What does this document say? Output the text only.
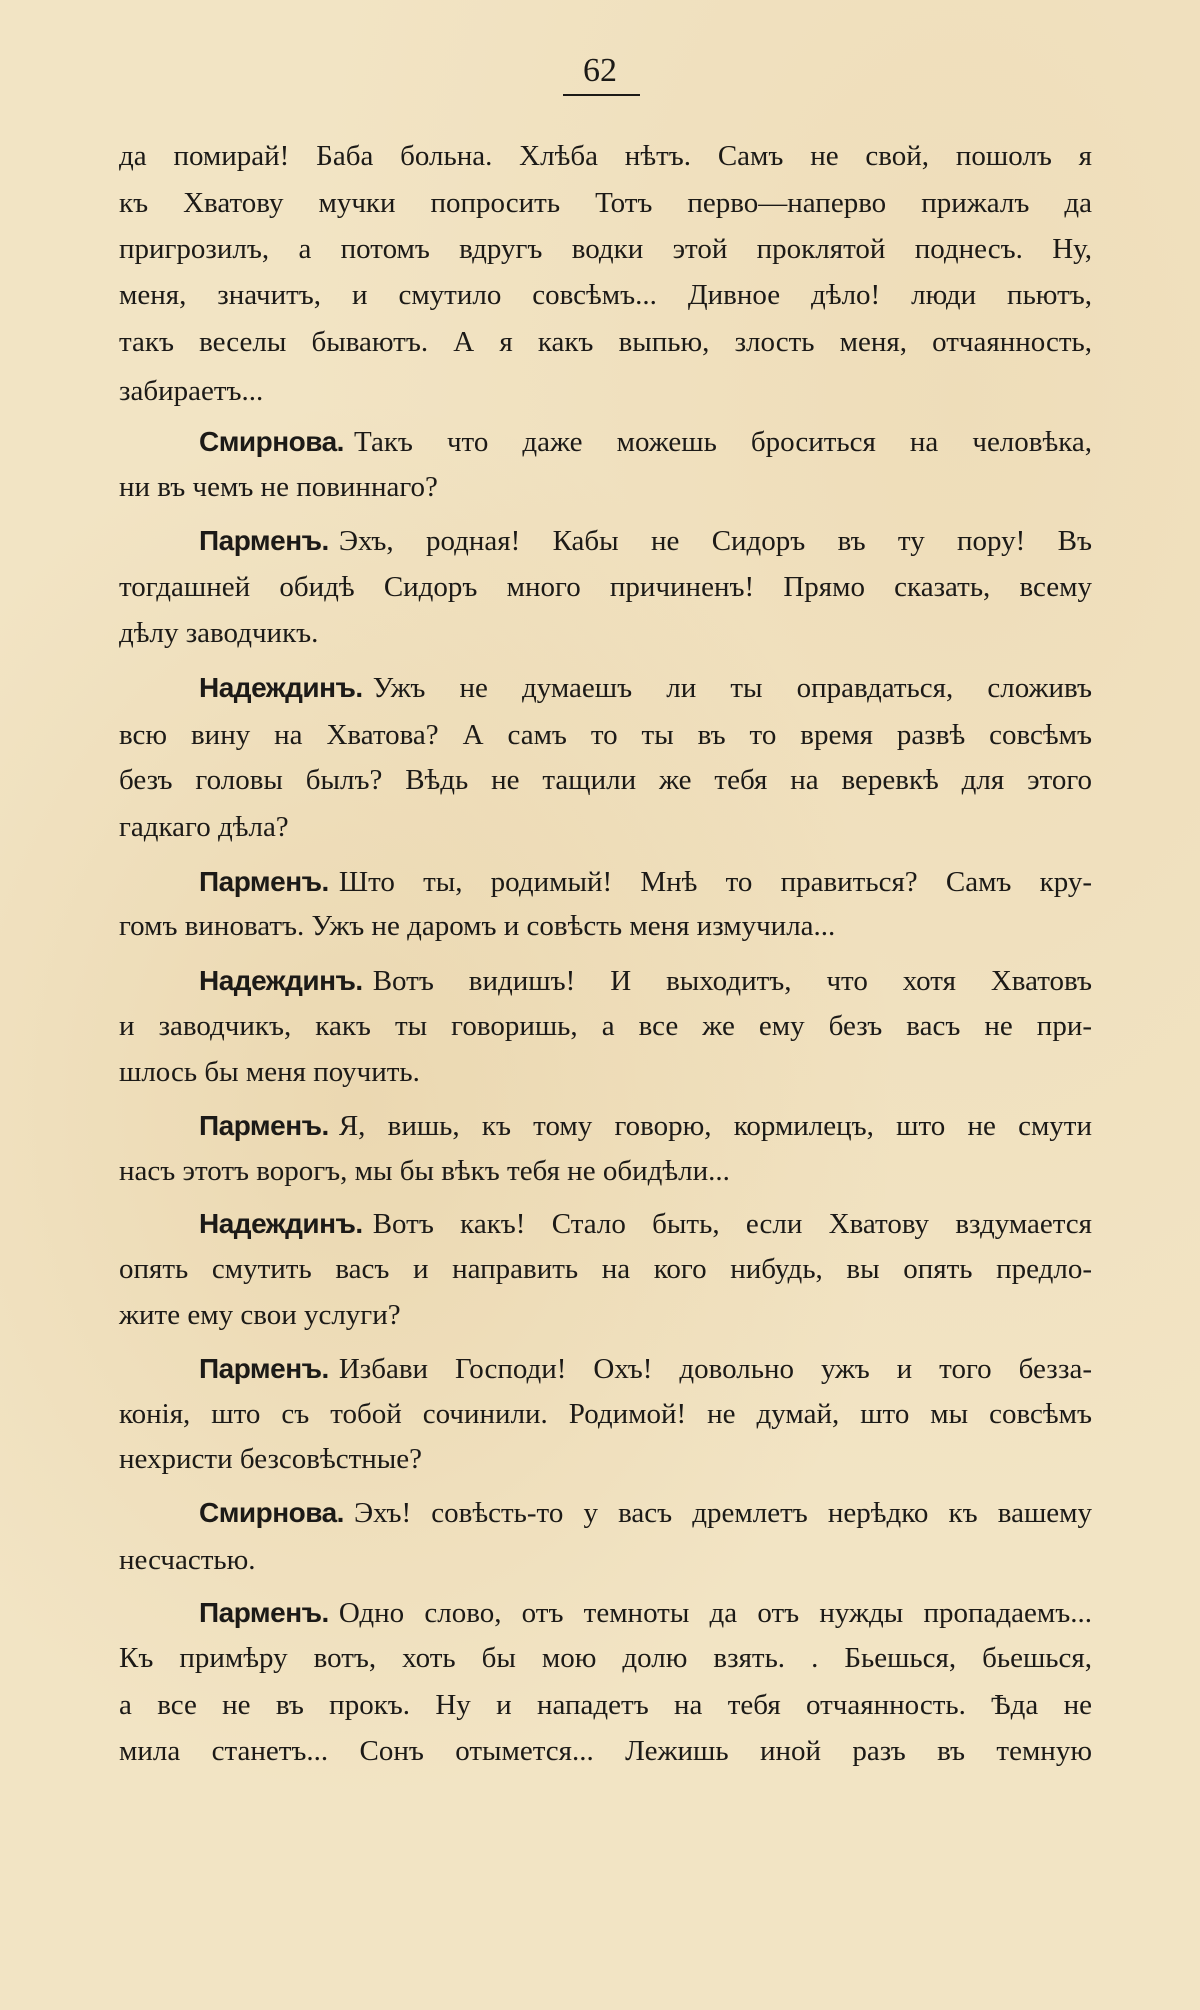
62
да помирай! Баба больна. Хлѣба нѣтъ. Самъ не свой, пошолъ я
къ Хватову мучки попросить Тотъ перво—наперво прижалъ да
пригрозилъ, а потомъ вдругъ водки этой проклятой поднесъ. Ну,
меня, значитъ, и смутило совсѣмъ... Дивное дѣло! люди пьютъ,
такъ веселы бываютъ. А я какъ выпью, злость меня, отчаянность,
забираетъ...
Смирнова. Такъ что даже можешь броситься на человѣка,
ни въ чемъ не повиннаго?
Парменъ. Эхъ, родная! Кабы не Сидоръ въ ту пору! Въ
тогдашней обидѣ Сидоръ много причиненъ! Прямо сказать, всему
дѣлу заводчикъ.
Надеждинъ. Ужъ не думаешъ ли ты оправдаться, сложивъ
всю вину на Хватова? А самъ то ты въ то время развѣ совсѣмъ
безъ головы былъ? Вѣдь не тащили же тебя на веревкѣ для этого
гадкаго дѣла?
Парменъ. Што ты, родимый! Мнѣ то правиться? Самъ кру-
гомъ виноватъ. Ужъ не даромъ и совѣсть меня измучила...
Надеждинъ. Вотъ видишъ! И выходитъ, что хотя Хватовъ
и заводчикъ, какъ ты говоришь, а все же ему безъ васъ не при-
шлось бы меня поучить.
Парменъ. Я, вишь, къ тому говорю, кормилецъ, што не смути
насъ этотъ ворогъ, мы бы вѣкъ тебя не обидѣли...
Надеждинъ. Вотъ какъ! Стало быть, если Хватову вздумается
опять смутить васъ и направить на кого нибудь, вы опять предло-
жите ему свои услуги?
Парменъ. Избави Господи! Охъ! довольно ужъ и того безза-
конія, што съ тобой сочинили. Родимой! не думай, што мы совсѣмъ
нехристи безсовѣстные?
Смирнова. Эхъ! совѣсть-то у васъ дремлетъ нерѣдко къ вашему
несчастью.
Парменъ. Одно слово, отъ темноты да отъ нужды пропадаемъ...
Къ примѣру вотъ, хоть бы мою долю взять. . Бьешься, бьешься,
а все не въ прокъ. Ну и нападетъ на тебя отчаянность. Ѣда не
мила станетъ... Сонъ отымется... Лежишь иной разъ въ темную
